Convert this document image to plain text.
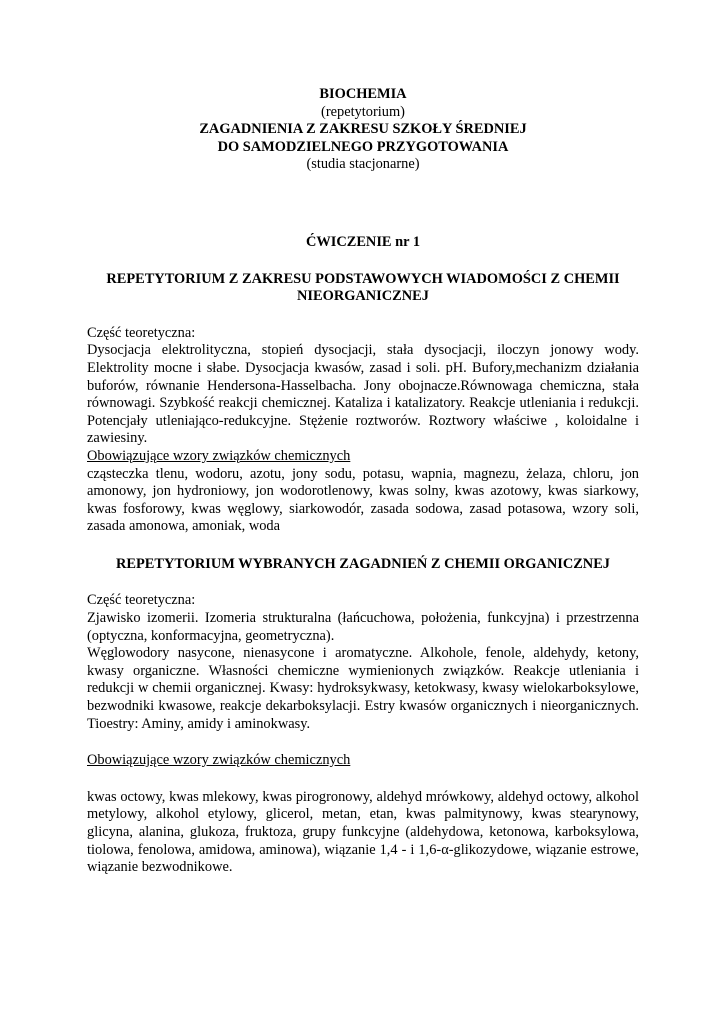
BIOCHEMIA
(repetytorium)
ZAGADNIENIA Z ZAKRESU SZKOŁY ŚREDNIEJ
DO SAMODZIELNEGO PRZYGOTOWANIA
(studia stacjonarne)
ĆWICZENIE nr 1
REPETYTORIUM Z ZAKRESU PODSTAWOWYCH WIADOMOŚCI Z CHEMII
NIEORGANICZNEJ
Część teoretyczna:

Dysocjacja elektrolityczna, stopień dysocjacji, stała dysocjacji, iloczyn jonowy wody. Elektrolity mocne i słabe. Dysocjacja kwasów, zasad i soli. pH. Bufory,mechanizm działania buforów, równanie Hendersona-Hasselbacha. Jony obojnacze.Równowaga chemiczna, stała równowagi. Szybkość reakcji chemicznej. Kataliza i katalizatory. Reakcje utleniania i redukcji. Potencjały utleniająco-redukcyjne. Stężenie roztworów. Roztwory właściwe , koloidalne i zawiesiny.

Obowiązujące wzory związków chemicznych

cząsteczka tlenu, wodoru, azotu, jony sodu, potasu, wapnia, magnezu, żelaza, chloru, jon amonowy, jon hydroniowy, jon wodorotlenowy, kwas solny, kwas azotowy, kwas siarkowy, kwas fosforowy, kwas węglowy, siarkowodór, zasada sodowa, zasad potasowa, wzory soli, zasada amonowa, amoniak, woda

REPETYTORIUM WYBRANYCH ZAGADNIEŃ Z CHEMII ORGANICZNEJ
Część teoretyczna:

Zjawisko izomerii. Izomeria strukturalna (łańcuchowa, położenia, funkcyjna) i przestrzenna (optyczna, konformacyjna, geometryczna).

Węglowodory nasycone, nienasycone i aromatyczne. Alkohole, fenole, aldehydy, ketony, kwasy organiczne. Własności chemiczne wymienionych związków. Reakcje utleniania i redukcji w chemii organicznej. Kwasy: hydroksykwasy, ketokwasy, kwasy wielokarboksylowe, bezwodniki kwasowe, reakcje dekarboksylacji. Estry kwasów organicznych i nieorganicznych. Tioestry: Aminy, amidy i aminokwasy.

Obowiązujące wzory związków chemicznych

kwas octowy, kwas mlekowy, kwas pirogronowy, aldehyd mrówkowy, aldehyd octowy, alkohol metylowy, alkohol etylowy, glicerol, metan, etan, kwas palmitynowy, kwas stearynowy, glicyna, alanina, glukoza, fruktoza, grupy funkcyjne (aldehydowa, ketonowa, karboksylowa, tiolowa, fenolowa, amidowa, aminowa), wiązanie 1,4 - i 1,6-α-glikozydowe, wiązanie estrowe, wiązanie bezwodnikowe.
